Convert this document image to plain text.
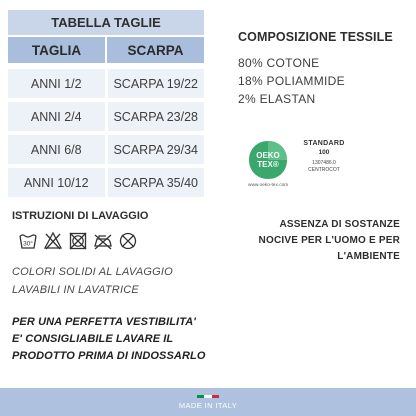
TABELLA TAGLIE
TAGLIA	SCARPA
ANNI 1/2	SCARPA 19/22
ANNI 2/4	SCARPA 23/28
ANNI 6/8	SCARPA 29/34
ANNI 10/12	SCARPA 35/40
COMPOSIZIONE TESSILE
80% COTONE
18% POLIAMMIDE
2% ELASTAN
OEKO
TEX®
STANDARD
100
1307486.0
CENTROCOT
www.oeko-tex.com
ISTRUZIONI DI LAVAGGIO
30°
COLORI SOLIDI AL LAVAGGIO
LAVABILI IN LAVATRICE
ASSENZA DI SOSTANZE
NOCIVE PER L'UOMO E PER
L'AMBIENTE
PER UNA PERFETTA VESTIBILITA'
E' CONSIGLIABILE LAVARE IL
PRODOTTO PRIMA DI INDOSSARLO
MADE IN ITALY
